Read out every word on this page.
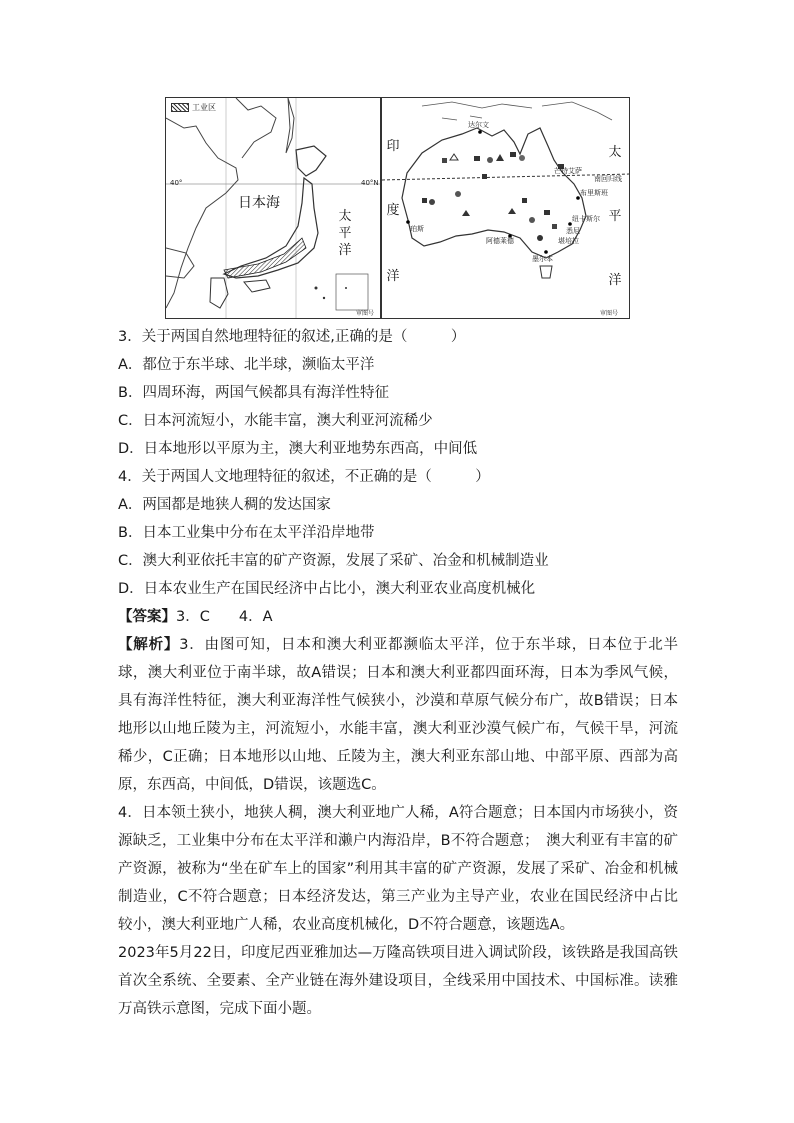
工业区
40°	40°N
日本海
太
平
洋
审图号
印
度
洋
太
平
洋
南回归线
达尔文
芒特艾萨
布里斯班
纽卡斯尔
悉尼
堪培拉
墨尔本
阿德莱德
珀斯
审图号

3．关于两国自然地理特征的叙述,正确的是（　　　）

A．都位于东半球、北半球，濒临太平洋

B．四周环海，两国气候都具有海洋性特征

C．日本河流短小，水能丰富，澳大利亚河流稀少

D．日本地形以平原为主，澳大利亚地势东西高，中间低

4．关于两国人文地理特征的叙述，不正确的是（　　　）

A．两国都是地狭人稠的发达国家

B．日本工业集中分布在太平洋沿岸地带

C．澳大利亚依托丰富的矿产资源，发展了采矿、冶金和机械制造业

D．日本农业生产在国民经济中占比小，澳大利亚农业高度机械化

【答案】3．C　　4．A

【解析】3．由图可知，日本和澳大利亚都濒临太平洋，位于东半球，日本位于北半球，澳大利亚位于南半球，故A错误；日本和澳大利亚都四面环海，日本为季风气候，具有海洋性特征，澳大利亚海洋性气候狭小，沙漠和草原气候分布广，故B错误；日本地形以山地丘陵为主，河流短小，水能丰富，澳大利亚沙漠气候广布，气候干旱，河流稀少，C正确；日本地形以山地、丘陵为主，澳大利亚东部山地、中部平原、西部为高原，东西高，中间低，D错误，该题选C。

4．日本领土狭小，地狭人稠，澳大利亚地广人稀，A符合题意；日本国内市场狭小，资源缺乏，工业集中分布在太平洋和濑户内海沿岸，B不符合题意；　澳大利亚有丰富的矿产资源，被称为“坐在矿车上的国家”利用其丰富的矿产资源，发展了采矿、冶金和机械制造业，C不符合题意；日本经济发达，第三产业为主导产业，农业在国民经济中占比较小，澳大利亚地广人稀，农业高度机械化，D不符合题意，该题选A。

2023年5月22日，印度尼西亚雅加达—万隆高铁项目进入调试阶段，该铁路是我国高铁首次全系统、全要素、全产业链在海外建设项目，全线采用中国技术、中国标准。读雅万高铁示意图，完成下面小题。
